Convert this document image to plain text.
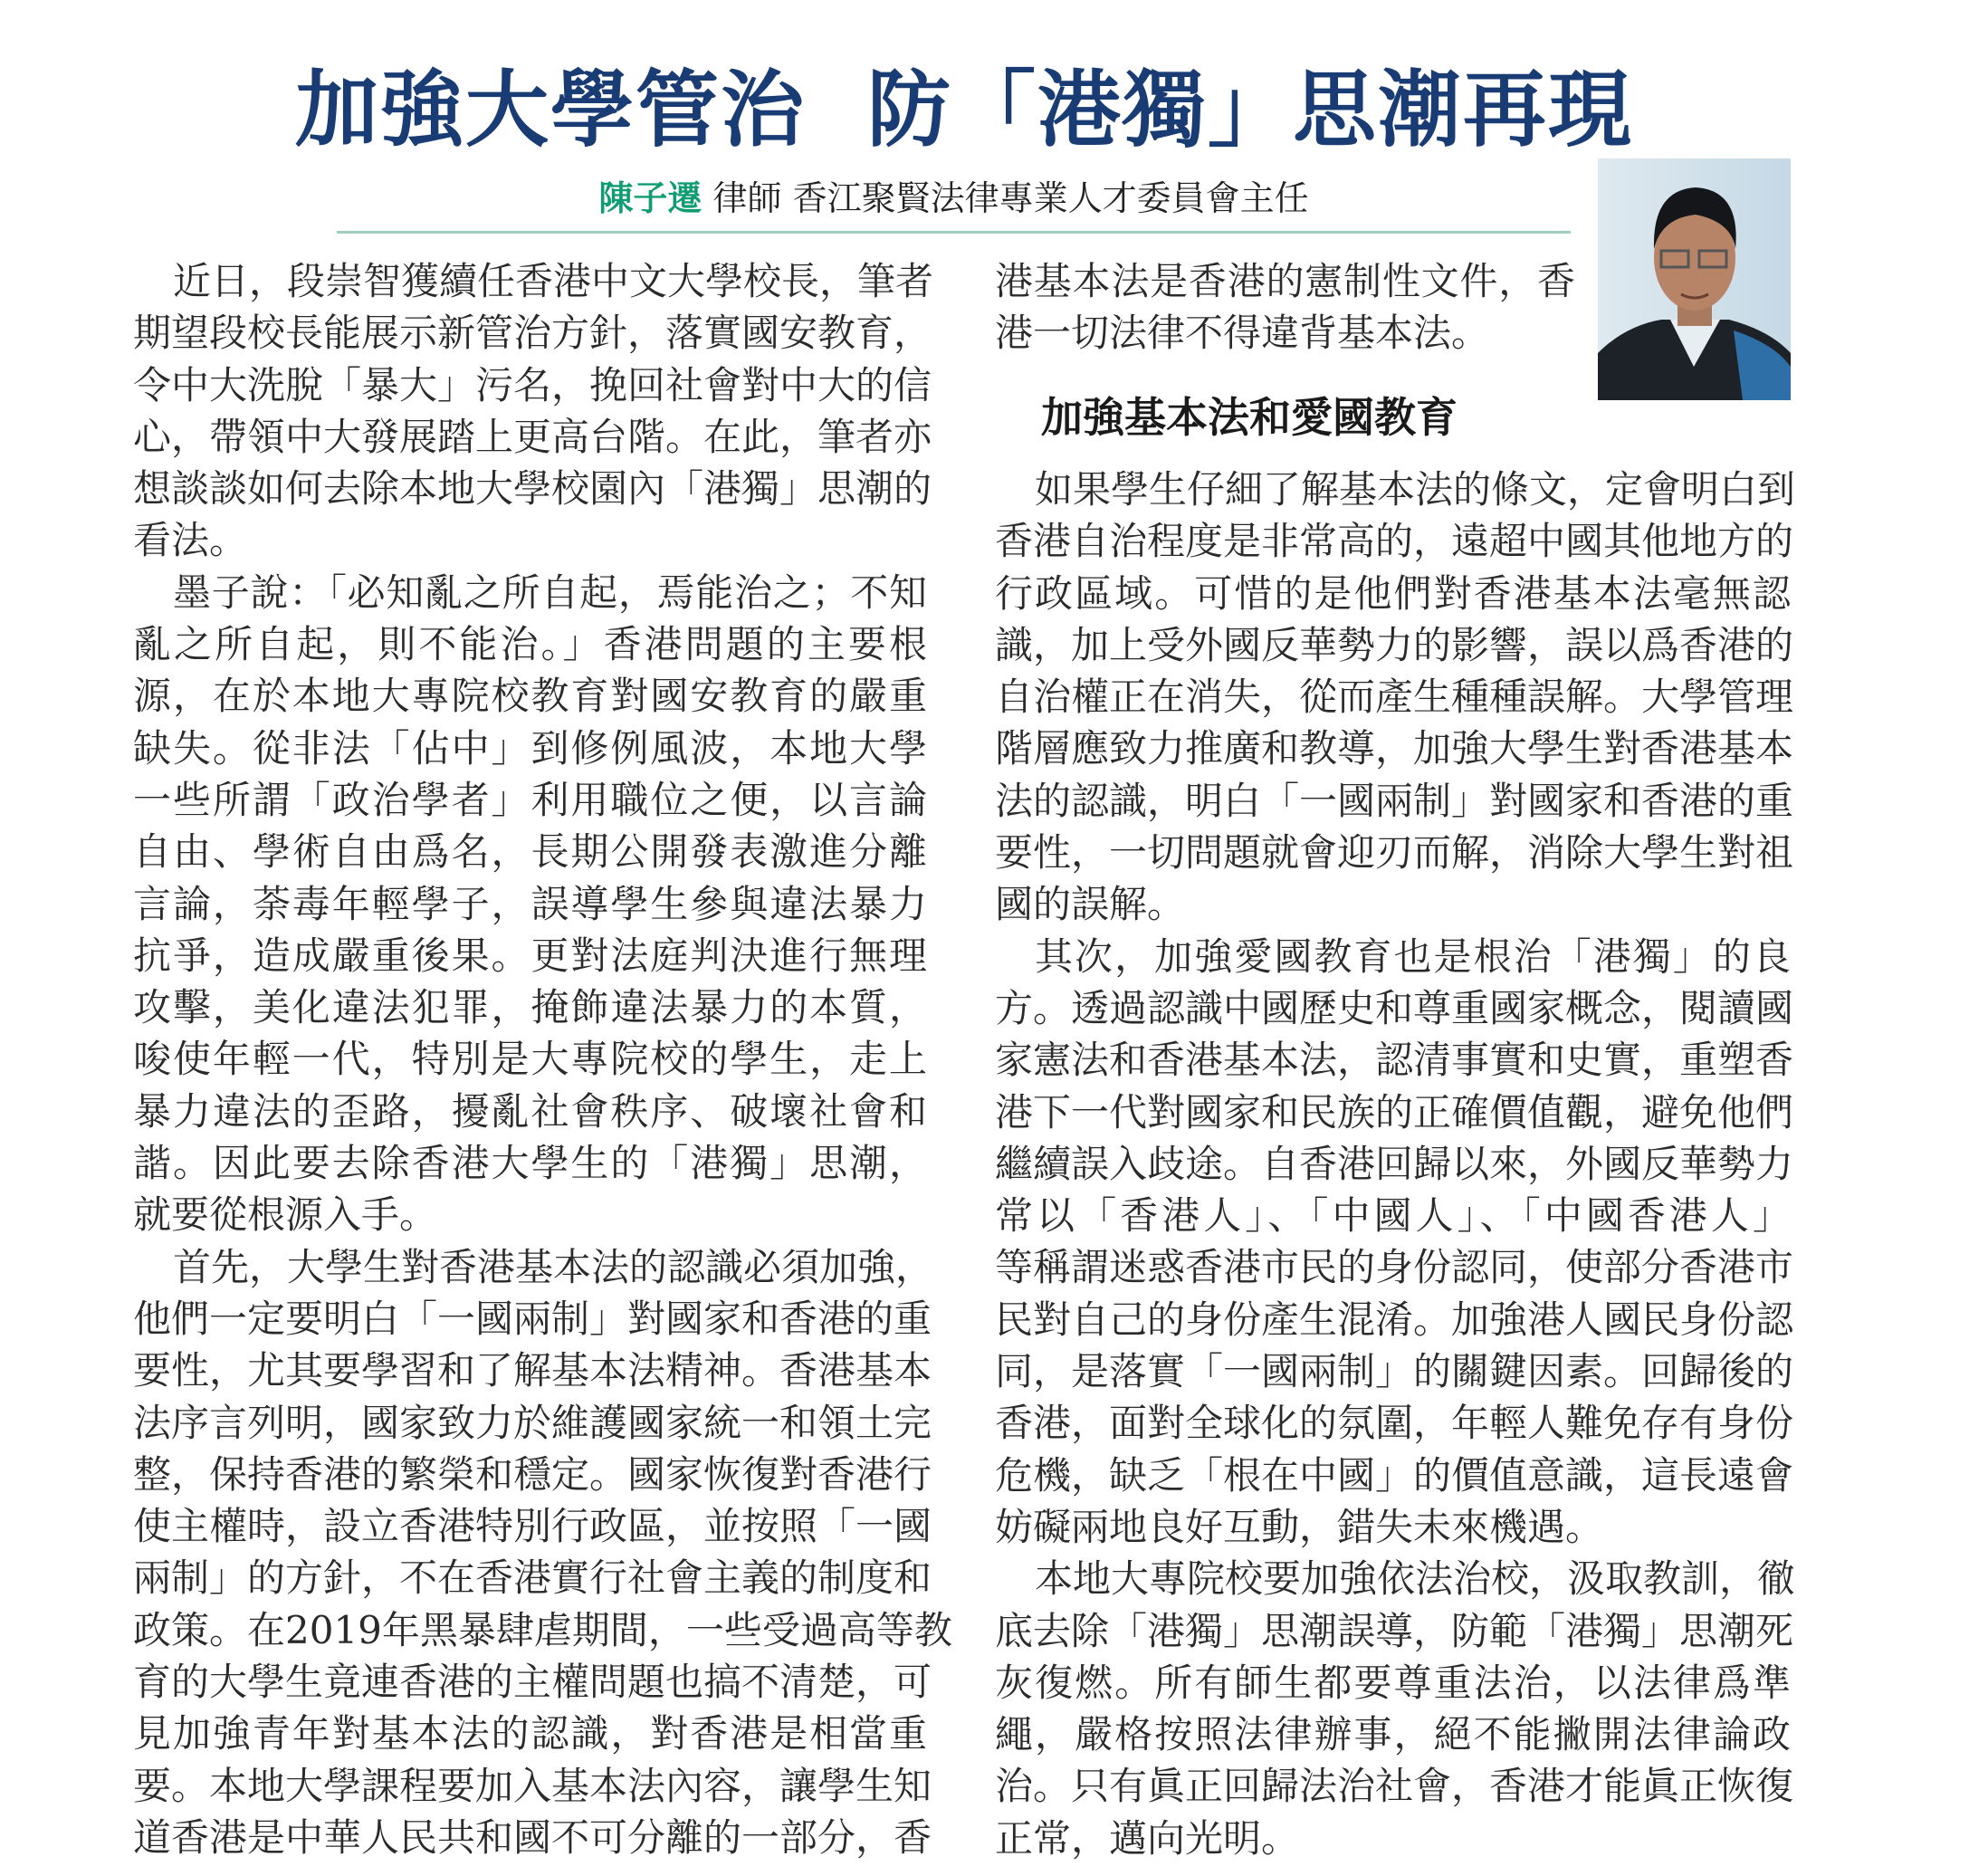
加強大學管治  防「港獨」思潮再現
陳子遷 律師 香江聚賢法律專業人才委員會主任
近日，段崇智獲續任香港中文大學校長，筆者
期望段校長能展示新管治方針，落實國安教育，
令中大洗脫「暴大」污名，挽回社會對中大的信
心，帶領中大發展踏上更高台階。在此，筆者亦
想談談如何去除本地大學校園內「港獨」思潮的
看法。
墨子說：「必知亂之所自起，焉能治之；不知
亂之所自起，則不能治。」香港問題的主要根
源，在於本地大專院校教育對國安教育的嚴重
缺失。從非法「佔中」到修例風波，本地大學
一些所謂「政治學者」利用職位之便，以言論
自由、學術自由爲名，長期公開發表激進分離
言論，荼毒年輕學子，誤導學生參與違法暴力
抗爭，造成嚴重後果。更對法庭判決進行無理
攻擊，美化違法犯罪，掩飾違法暴力的本質，
唆使年輕一代，特別是大專院校的學生，走上
暴力違法的歪路，擾亂社會秩序、破壞社會和
諧。因此要去除香港大學生的「港獨」思潮，
就要從根源入手。
首先，大學生對香港基本法的認識必須加強，
他們一定要明白「一國兩制」對國家和香港的重
要性，尤其要學習和了解基本法精神。香港基本
法序言列明，國家致力於維護國家統一和領土完
整，保持香港的繁榮和穩定。國家恢復對香港行
使主權時，設立香港特別行政區，並按照「一國
兩制」的方針，不在香港實行社會主義的制度和
政策。在2019年黑暴肆虐期間，一些受過高等教
育的大學生竟連香港的主權問題也搞不清楚，可
見加強青年對基本法的認識，對香港是相當重
要。本地大學課程要加入基本法內容，讓學生知
道香港是中華人民共和國不可分離的一部分，香
港基本法是香港的憲制性文件，香
港一切法律不得違背基本法。
加強基本法和愛國教育
如果學生仔細了解基本法的條文，定會明白到
香港自治程度是非常高的，遠超中國其他地方的
行政區域。可惜的是他們對香港基本法毫無認
識，加上受外國反華勢力的影響，誤以爲香港的
自治權正在消失，從而產生種種誤解。大學管理
階層應致力推廣和教導，加強大學生對香港基本
法的認識，明白「一國兩制」對國家和香港的重
要性，一切問題就會迎刃而解，消除大學生對祖
國的誤解。
其次，加強愛國教育也是根治「港獨」的良
方。透過認識中國歷史和尊重國家概念，閱讀國
家憲法和香港基本法，認清事實和史實，重塑香
港下一代對國家和民族的正確價值觀，避免他們
繼續誤入歧途。自香港回歸以來，外國反華勢力
常以「香港人」、「中國人」、「中國香港人」
等稱謂迷惑香港市民的身份認同，使部分香港市
民對自己的身份產生混淆。加強港人國民身份認
同，是落實「一國兩制」的關鍵因素。回歸後的
香港，面對全球化的氛圍，年輕人難免存有身份
危機，缺乏「根在中國」的價值意識，這長遠會
妨礙兩地良好互動，錯失未來機遇。
本地大專院校要加強依法治校，汲取教訓，徹
底去除「港獨」思潮誤導，防範「港獨」思潮死
灰復燃。所有師生都要尊重法治，以法律爲準
繩，嚴格按照法律辦事，絕不能撇開法律論政
治。只有眞正回歸法治社會，香港才能眞正恢復
正常，邁向光明。
